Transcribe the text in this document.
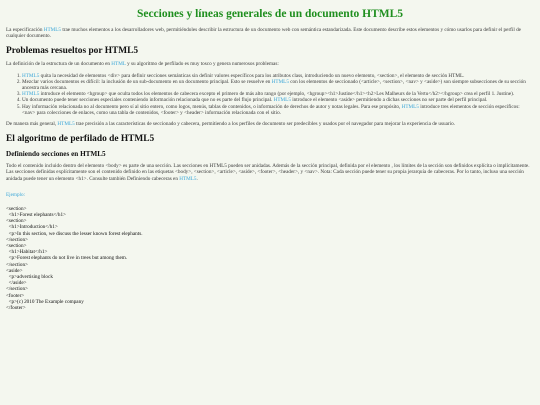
Secciones y líneas generales de un documento HTML5

La especificación HTML5 trae muchos elementos a los desarrolladores web, permitiéndoles describir la estructura de un documento web con semántica estandarizada. Este documento describe estos elementos y cómo usarlos para definir el perfil de cualquier documento.

Problemas resueltos por HTML5

La definición de la estructura de un documento en HTML y su algoritmo de perfilado es muy tosco y genera numerosos problemas:

1. HTML5 quita la necesidad de elementos <div> para definir secciones semánticas sin definir valores específicos para los atributos class, introduciendo un nuevo elemento, <section>, el elemento de sección HTML.
2. Mezclar varios documentos es difícil: la inclusión de un sub-documento en un documento principal. Esto se resuelve en HTML5 con los elementos de seccionado (<article>, <section>, <nav> y <aside>) son siempre subsecciones de su sección ancestra más cercana.
3. HTML5 introduce el elemento <hgroup> que oculta todos los elementos de cabecera excepto el primero de más alto rango (por ejemplo, <hgroup><h1>Justine</h1><h2>Les Malheurs de la Vertu</h2></hgroup> crea el perfil 1. Justine).
4. Un documento puede tener secciones especiales conteniendo información relacionada que no es parte del flujo principal. HTML5 introduce el elemento <aside> permitiendo a dichas secciones no ser parte del perfil principal.
5. Hay información relacionada no al documento pero sí al sitio entero, como logos, menús, tablas de contenidos, o información de derechos de autor y notas legales. Para ese propósito, HTML5 introduce tres elementos de sección específicos: <nav> para colecciones de enlaces, como una tabla de contenidos, <footer> y <header> información relacionada con el sitio.

De manera más general, HTML5 trae precisión a las características de seccionado y cabecera, permitiendo a los perfiles de documento ser predecibles y usados por el navegador para mejorar la experiencia de usuario.

El algoritmo de perfilado de HTML5
Definiendo secciones en HTML5

Todo el contenido incluido dentro del elemento <body> es parte de una sección. Las secciones en HTML5 pueden ser anidadas. Además de la sección principal, definida por el elemento , los límites de la sección son definidos explícita o implícitamente. Las secciones definidas explícitamente son el contenido definido en las etiquetas <body>, <section>, <article>, <aside>, <footer>, <header>, y <nav>. Nota: Cada sección puede tener su propia jerarquía de cabeceras. Por lo tanto, incluso una sección anidada puede tener un elemento <h1>. Consulte también Definiendo cabeceras en HTML5.

Ejemplo:
<section>
<h1>Forest elephants</h1>
<section>
<h1>Introduction</h1>
<p>In this section, we discuss the lesser known forest elephants.
</section>
<section>
<h1>Habitat</h1>
<p>Forest elephants do not live in trees but among them.
</section>
<aside>
<p>advertising block
</aside>
</section>
<footer>
<p>(c) 2010 The Example company
</footer>
